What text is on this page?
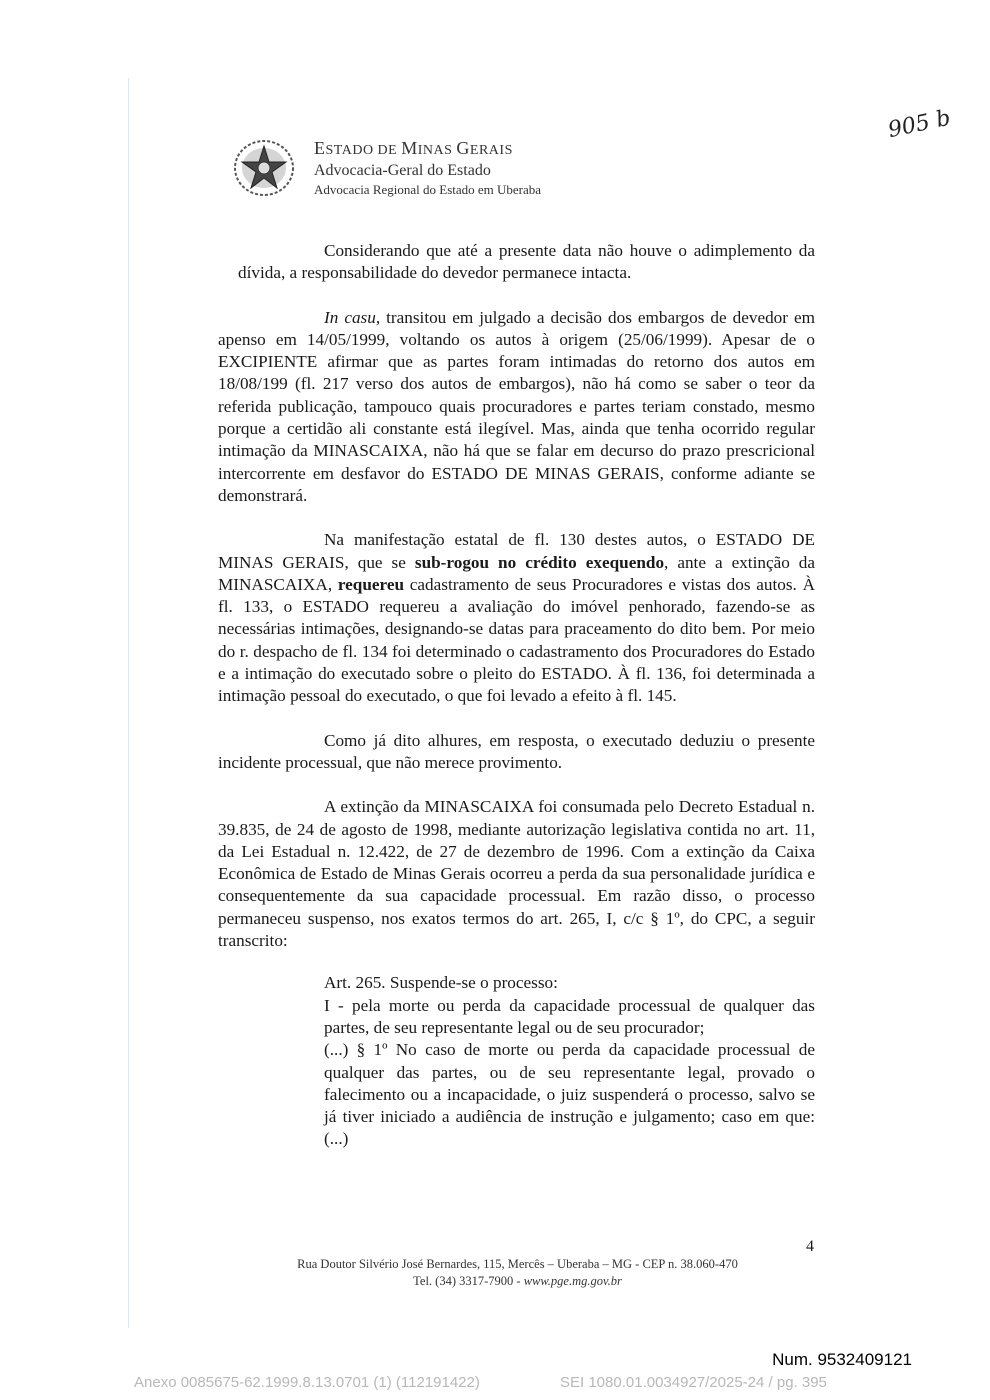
ESTADO DE MINAS GERAIS
Advocacia-Geral do Estado
Advocacia Regional do Estado em Uberaba
905 b

Considerando que até a presente data não houve o adimplemento da dívida, a responsabilidade do devedor permanece intacta.

In casu, transitou em julgado a decisão dos embargos de devedor em apenso em 14/05/1999, voltando os autos à origem (25/06/1999). Apesar de o EXCIPIENTE afirmar que as partes foram intimadas do retorno dos autos em 18/08/199 (fl. 217 verso dos autos de embargos), não há como se saber o teor da referida publicação, tampouco quais procuradores e partes teriam constado, mesmo porque a certidão ali constante está ilegível. Mas, ainda que tenha ocorrido regular intimação da MINASCAIXA, não há que se falar em decurso do prazo prescricional intercorrente em desfavor do ESTADO DE MINAS GERAIS, conforme adiante se demonstrará.

Na manifestação estatal de fl. 130 destes autos, o ESTADO DE MINAS GERAIS, que se sub-rogou no crédito exequendo, ante a extinção da MINASCAIXA, requereu cadastramento de seus Procuradores e vistas dos autos. À fl. 133, o ESTADO requereu a avaliação do imóvel penhorado, fazendo-se as necessárias intimações, designando-se datas para praceamento do dito bem. Por meio do r. despacho de fl. 134 foi determinado o cadastramento dos Procuradores do Estado e a intimação do executado sobre o pleito do ESTADO. À fl. 136, foi determinada a intimação pessoal do executado, o que foi levado a efeito à fl. 145.

Como já dito alhures, em resposta, o executado deduziu o presente incidente processual, que não merece provimento.

A extinção da MINASCAIXA foi consumada pelo Decreto Estadual n. 39.835, de 24 de agosto de 1998, mediante autorização legislativa contida no art. 11, da Lei Estadual n. 12.422, de 27 de dezembro de 1996. Com a extinção da Caixa Econômica de Estado de Minas Gerais ocorreu a perda da sua personalidade jurídica e consequentemente da sua capacidade processual. Em razão disso, o processo permaneceu suspenso, nos exatos termos do art. 265, I, c/c § 1º, do CPC, a seguir transcrito:

Art. 265. Suspende-se o processo:
I - pela morte ou perda da capacidade processual de qualquer das partes, de seu representante legal ou de seu procurador;
(...) § 1º No caso de morte ou perda da capacidade processual de qualquer das partes, ou de seu representante legal, provado o falecimento ou a incapacidade, o juiz suspenderá o processo, salvo se já tiver iniciado a audiência de instrução e julgamento; caso em que: (...)
4
Rua Doutor Silvério José Bernardes, 115, Mercês – Uberaba – MG - CEP n. 38.060-470
Tel. (34) 3317-7900 - www.pge.mg.gov.br
Num. 9532409121
Anexo 0085675-62.1999.8.13.0701 (1) (112191422)	SEI 1080.01.0034927/2025-24 / pg. 395
